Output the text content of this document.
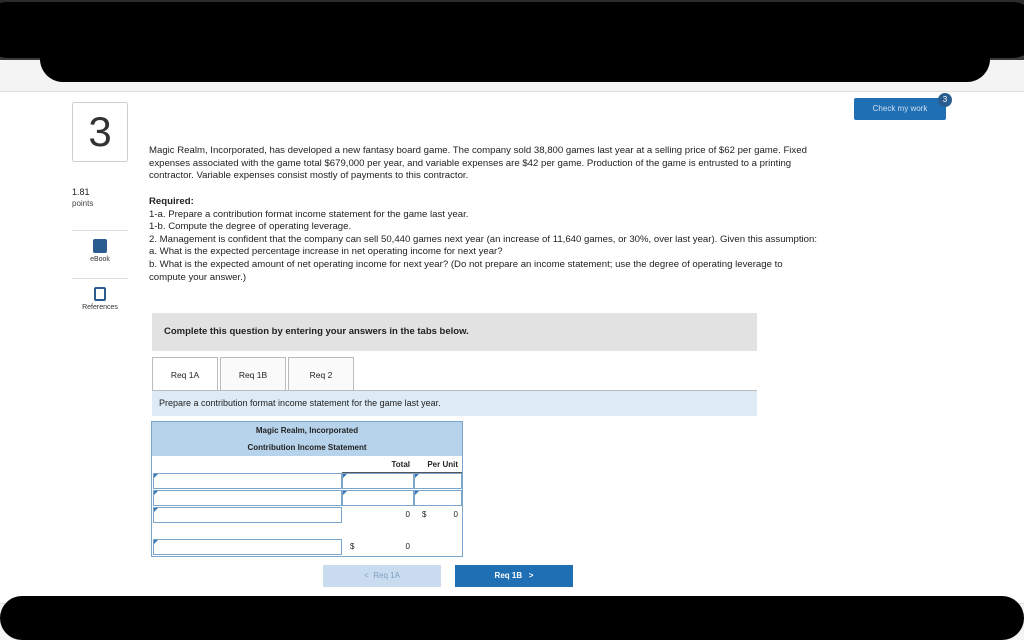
Check my work
3
3
1.81
points
eBook
References

Magic Realm, Incorporated, has developed a new fantasy board game. The company sold 38,800 games last year at a selling price of $62 per game. Fixed expenses associated with the game total $679,000 per year, and variable expenses are $42 per game. Production of the game is entrusted to a printing contractor. Variable expenses consist mostly of payments to this contractor.

Required:
1-a. Prepare a contribution format income statement for the game last year.
1-b. Compute the degree of operating leverage.
2. Management is confident that the company can sell 50,440 games next year (an increase of 11,640 games, or 30%, over last year). Given this assumption:
a. What is the expected percentage increase in net operating income for next year?
b. What is the expected amount of net operating income for next year? (Do not prepare an income statement; use the degree of operating leverage to compute your answer.)
Complete this question by entering your answers in the tabs below.
Req 1A	Req 1B	Req 2
Prepare a contribution format income statement for the game last year.
Magic Realm, Incorporated
Contribution Income Statement
Total	Per Unit
0	$	0
$	0
<  Req 1A	Req 1B   >
